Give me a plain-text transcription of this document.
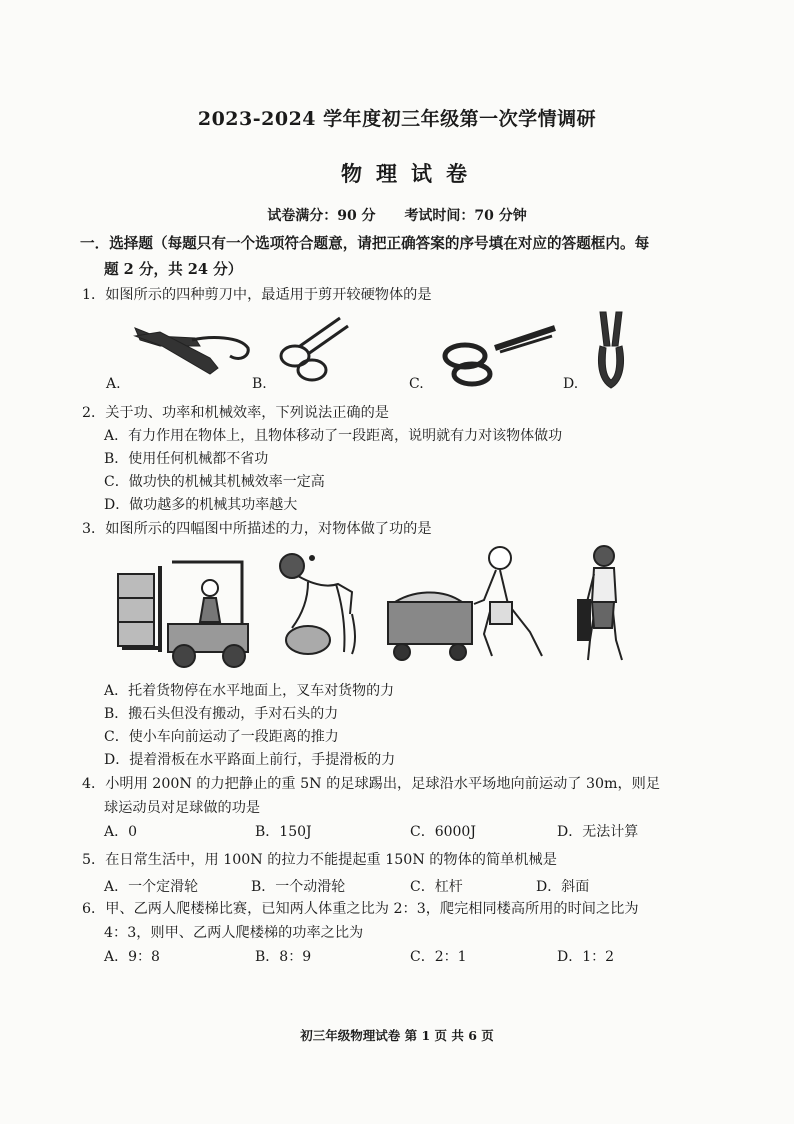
2023-2024 学年度初三年级第一次学情调研
物理试卷
试卷满分：90 分 考试时间：70 分钟
一．选择题（每题只有一个选项符合题意，请把正确答案的序号填在对应的答题框内。每
题 2 分，共 24 分）
1．如图所示的四种剪刀中，最适用于剪开较硬物体的是
A.	B.	C.	D.
2．关于功、功率和机械效率，下列说法正确的是
A．有力作用在物体上，且物体移动了一段距离，说明就有力对该物体做功
B．使用任何机械都不省功
C．做功快的机械其机械效率一定高
D．做功越多的机械其功率越大
3．如图所示的四幅图中所描述的力，对物体做了功的是
A．托着货物停在水平地面上，叉车对货物的力
B．搬石头但没有搬动，手对石头的力
C．使小车向前运动了一段距离的推力
D．提着滑板在水平路面上前行，手提滑板的力
4．小明用 200N 的力把静止的重 5N 的足球踢出，足球沿水平场地向前运动了 30m，则足
球运动员对足球做的功是
A．0	B．150J	C．6000J	D．无法计算
5．在日常生活中，用 100N 的拉力不能提起重 150N 的物体的简单机械是
A．一个定滑轮	B．一个动滑轮	C．杠杆	D．斜面
6．甲、乙两人爬楼梯比赛，已知两人体重之比为 2：3，爬完相同楼高所用的时间之比为
4：3，则甲、乙两人爬楼梯的功率之比为
A．9：8	B．8：9	C．2：1	D．1：2
初三年级物理试卷 第 1 页 共 6 页
